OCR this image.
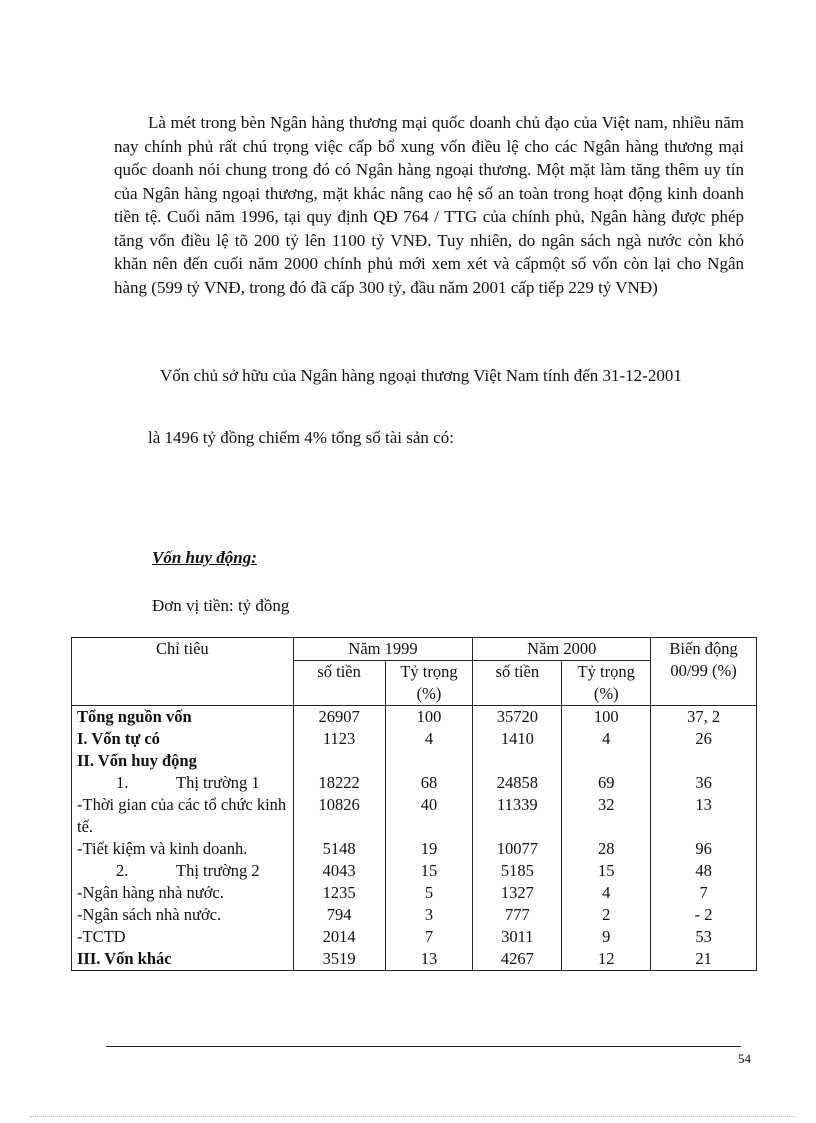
Là mét trong bèn Ngân hàng thương mại quốc doanh chủ đạo của Việt nam, nhiều năm nay chính phủ rất chú trọng việc cấp bổ xung vốn điều lệ cho các Ngân hàng thương mại quốc doanh nói chung trong đó có Ngân hàng ngoại thương. Một mặt làm tăng thêm uy tín của Ngân hàng ngoại thương, mặt khác nâng cao hệ số an toàn trong hoạt động kinh doanh tiền tệ. Cuối năm 1996, tại quy định QĐ 764 / TTG của chính phủ, Ngân hàng được phép tăng vốn điều lệ tõ 200 tỷ lên 1100 tỷ VNĐ. Tuy nhiên, do ngân sách ngà nước còn khó khăn nên đến cuối năm 2000 chính phủ mới xem xét và cấpmột số vốn còn lại cho Ngân hàng (599 tỷ VNĐ, trong đó đã cấp 300 tỷ, đầu năm 2001 cấp tiếp 229 tỷ VNĐ)

Vốn chủ sở hữu của Ngân hàng ngoại thương Việt Nam tính đến 31-12-2001

là 1496 tỷ đồng chiếm 4% tổng số tài sản có:

Vốn huy động:

Đơn vị tiền: tỷ đồng

Chỉ tiêu	Năm 1999		Năm 2000		Biến động 00/99 (%)
	số tiền	Tỷ trọng (%)	số tiền	Tỷ trọng (%)	
Tổng nguồn vốn	26907	100	35720	100	37, 2
I. Vốn tự có	1123	4	1410	4	26
II. Vốn huy động					
1. Thị trường 1	18222	68	24858	69	36
-Thời gian của các tổ chức kinh tế.	10826	40	11339	32	13
-Tiết kiệm và kinh doanh.	5148	19	10077	28	96
2. Thị trường 2	4043	15	5185	15	48
-Ngân hàng nhà nước.	1235	5	1327	4	7
-Ngân sách nhà nước.	794	3	777	2	- 2
-TCTD	2014	7	3011	9	53
III. Vốn khác	3519	13	4267	12	21

54
